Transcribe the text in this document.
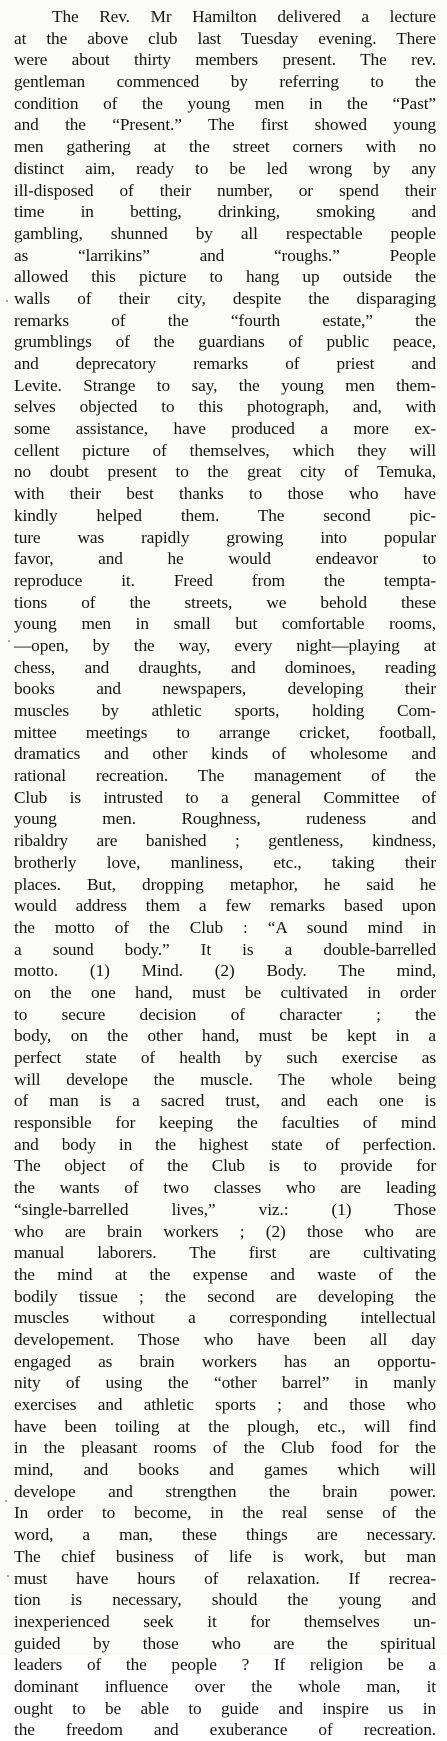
The Rev. Mr Hamilton delivered a lecture
at the above club last Tuesday evening. There
were about thirty members present. The rev.
gentleman commenced by referring to the
condition of the young men in the “Past”
and the “Present.” The first showed young
men gathering at the street corners with no
distinct aim, ready to be led wrong by any
ill-disposed of their number, or spend their
time in betting, drinking, smoking and
gambling, shunned by all respectable people
as “larrikins” and “roughs.” People
allowed this picture to hang up outside the
walls of their city, despite the disparaging
remarks of the “fourth estate,” the
grumblings of the guardians of public peace,
and deprecatory remarks of priest and
Levite. Strange to say, the young men them-
selves objected to this photograph, and, with
some assistance, have produced a more ex-
cellent picture of themselves, which they will
no doubt present to the great city of Temuka,
with their best thanks to those who have
kindly helped them. The second pic-
ture was rapidly growing into popular
favor, and he would endeavor to
reproduce it. Freed from the tempta-
tions of the streets, we behold these
young men in small but comfortable rooms,
—open, by the way, every night—playing at
chess, and draughts, and dominoes, reading
books and newspapers, developing their
muscles by athletic sports, holding Com-
mittee meetings to arrange cricket, football,
dramatics and other kinds of wholesome and
rational recreation. The management of the
Club is intrusted to a general Committee of
young men. Roughness, rudeness and
ribaldry are banished ; gentleness, kindness,
brotherly love, manliness, etc., taking their
places. But, dropping metaphor, he said he
would address them a few remarks based upon
the motto of the Club : “A sound mind in
a sound body.” It is a double-barrelled
motto. (1) Mind. (2) Body. The mind,
on the one hand, must be cultivated in order
to secure decision of character ; the
body, on the other hand, must be kept in a
perfect state of health by such exercise as
will develope the muscle. The whole being
of man is a sacred trust, and each one is
responsible for keeping the faculties of mind
and body in the highest state of perfection.
The object of the Club is to provide for
the wants of two classes who are leading
“single-barrelled lives,” viz.: (1) Those
who are brain workers ; (2) those who are
manual laborers. The first are cultivating
the mind at the expense and waste of the
bodily tissue ; the second are developing the
muscles without a corresponding intellectual
developement. Those who have been all day
engaged as brain workers has an opportu-
nity of using the “other barrel” in manly
exercises and athletic sports ; and those who
have been toiling at the plough, etc., will find
in the pleasant rooms of the Club food for the
mind, and books and games which will
develope and strengthen the brain power.
In order to become, in the real sense of the
word, a man, these things are necessary.
The chief business of life is work, but man
must have hours of relaxation. If recrea-
tion is necessary, should the young and
inexperienced seek it for themselves un-
guided by those who are the spiritual
leaders of the people ? If religion be a
dominant influence over the whole man, it
ought to be able to guide and inspire us in
the freedom and exuberance of recreation.
